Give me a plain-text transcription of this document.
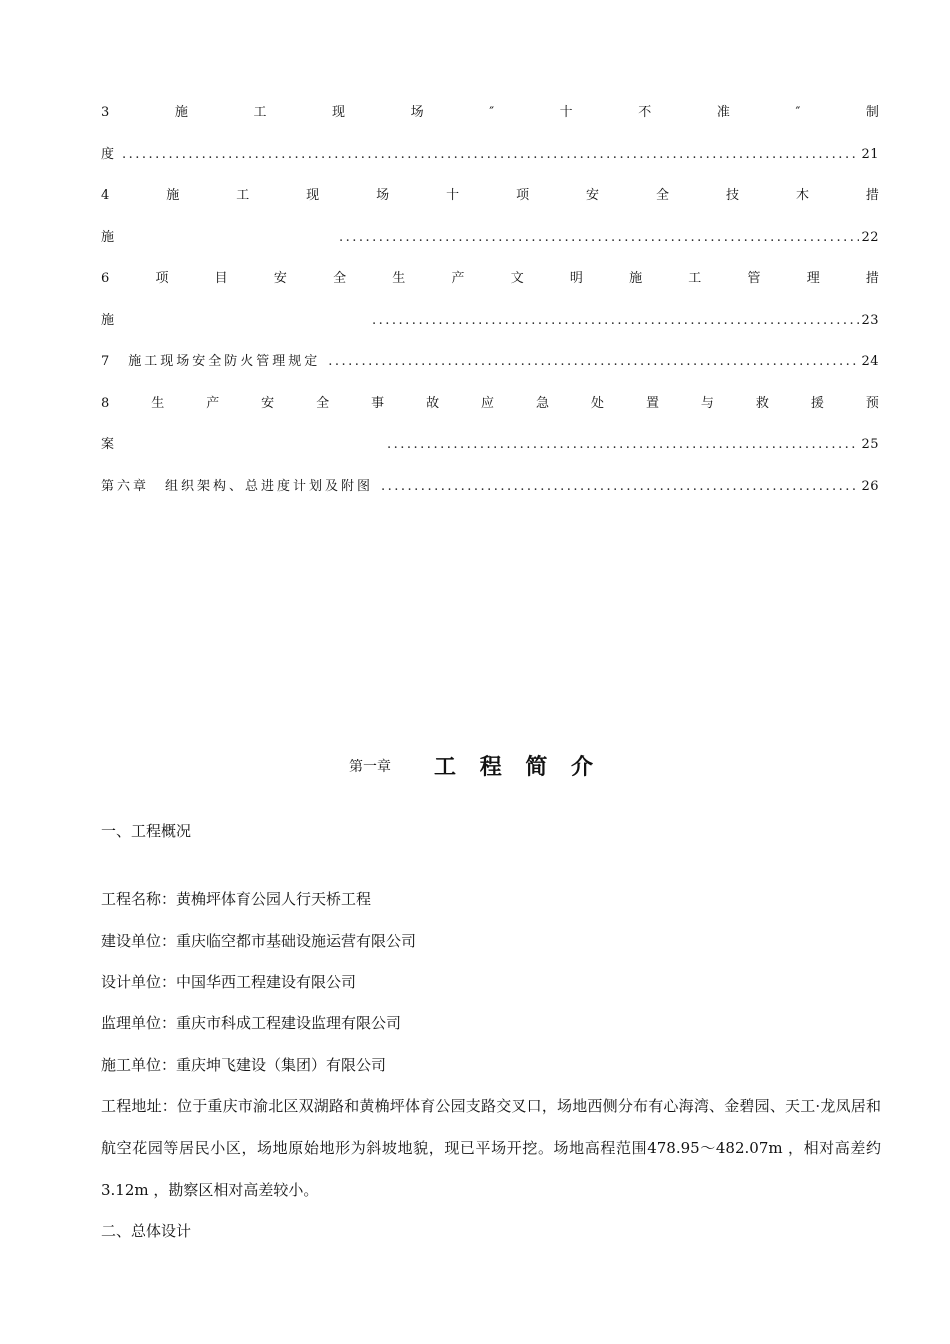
3	施	工	现	场	″	十	不	准	″	制
度 .....	21
4	施	工	现	场	十	项	安	全	技	木	措
施 .....	22
6	项	目	安	全	生	产	文	明	施	工	管	理	措
施 .....	23
7　施工现场安全防火管理规定 .....	24
8	生	产	安	全	事	故	应	急	处	置	与	救	援	预
案 .....	25
第六章　组织架构、总进度计划及附图 .....	26
第一章 工 程 简 介
一、工程概况
工程名称：黄桷坪体育公园人行天桥工程
建设单位：重庆临空都市基础设施运营有限公司
设计单位：中国华西工程建设有限公司
监理单位：重庆市科成工程建设监理有限公司
施工单位：重庆坤飞建设（集团）有限公司
工程地址：位于重庆市渝北区双湖路和黄桷坪体育公园支路交叉口，场地西侧分布有心海湾、金碧园、天工·龙凤居和航空花园等居民小区，场地原始地形为斜坡地貌，现已平场开挖。场地高程范围478.95～482.07m ，相对高差约3.12m ，勘察区相对高差较小。
二、总体设计
